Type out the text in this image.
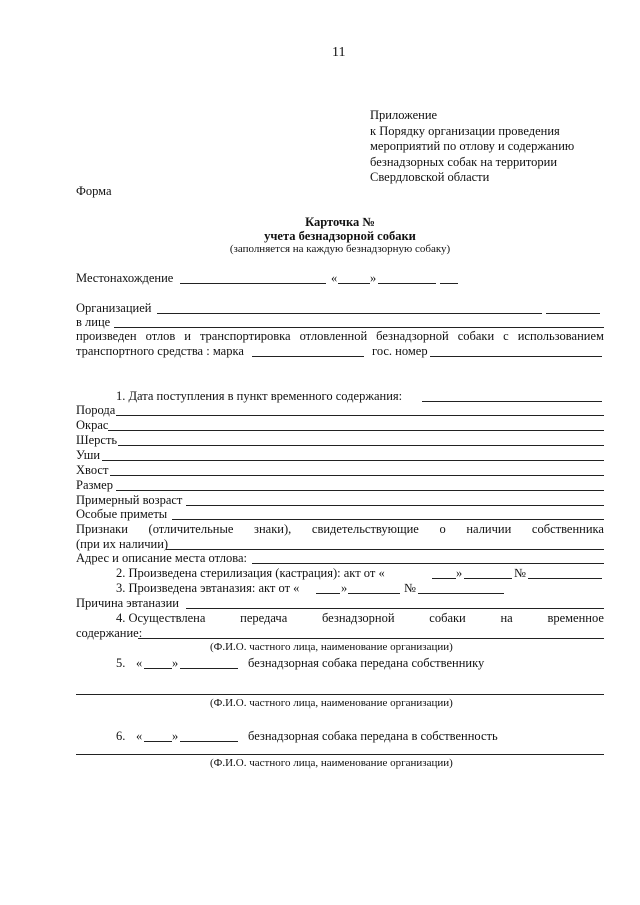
11
Приложение
к Порядку организации проведения
мероприятий по отлову и содержанию
безнадзорных собак на территории
Свердловской области
Форма
Карточка №
учета безнадзорной собаки
(заполняется на каждую безнадзорную собаку)
Местонахождение	«	»
Организацией
в лице
произведен отлов и транспортировка отловленной безнадзорной собаки с использованием
транспортного средства : марка	гос. номер
1. Дата поступления в пункт временного содержания:
Порода
Окрас
Шерсть
Уши
Хвост
Размер
Примерный возраст
Особые приметы
Признаки (отличительные знаки), свидетельствующие о наличии собственника
(при их наличии)
Адрес и описание места отлова:
2. Произведена стерилизация (кастрация): акт от «	»	№
3. Произведена эвтаназия: акт от «	»	№
Причина эвтаназии
4. Осуществлена	передача	безнадзорной	собаки	на	временное
содержание:
(Ф.И.О. частного лица, наименование организации)
5. « »	безнадзорная собака передана собственнику
(Ф.И.О. частного лица, наименование организации)
6. « »	безнадзорная собака передана в собственность
(Ф.И.О. частного лица, наименование организации)
